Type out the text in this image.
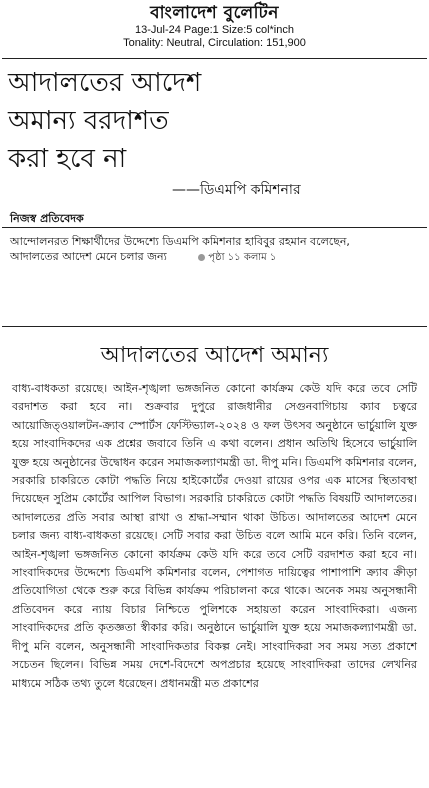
বাংলাদেশ বুলেটিন
13-Jul-24 Page:1 Size:5 col*inch
Tonality: Neutral, Circulation: 151,900
আদালতের আদেশ
অমান্য বরদাশত
করা হবে না
——ডিএমপি কমিশনার
নিজস্ব প্রতিবেদক
আন্দোলনরত শিক্ষার্থীদের উদ্দেশ্যে ডিএমপি কমিশনার হাবিবুর রহমান বলেছেন, আদালতের আদেশ মেনে চলার জন্য	পৃষ্ঠা ১১ কলাম ১
আদালতের আদেশ অমান্য

বাধ্য-বাধকতা রয়েছে। আইন-শৃঙ্খলা ভঙ্গজনিত কোনো কার্যক্রম কেউ যদি করে তবে সেটি বরদাশত করা হবে না। শুক্রবার দুপুরে রাজধানীর সেগুনবাগিচায় ক্যাব চত্বরে আয়োজিত্ওয়ালটন-ক্র্যাব স্পোর্টস ফেস্টিভ্যাল-২০২৪ ও ফল উৎসব অনুষ্ঠানে ভার্চুয়ালি যুক্ত হয়ে সাংবাদিকদের এক প্রশ্নের জবাবে তিনি এ কথা বলেন। প্রধান অতিথি হিসেবে ভার্চুয়ালি যুক্ত হয়ে অনুষ্ঠানের উদ্বোধন করেন সমাজকল্যাণমন্ত্রী ডা. দীপু মনি। ডিএমপি কমিশনার বলেন, সরকারি চাকরিতে কোটা পদ্ধতি নিয়ে হাইকোর্টের দেওয়া রায়ের ওপর এক মাসের স্থিতাবস্থা দিয়েছেন সুপ্রিম কোর্টের আপিল বিভাগ। সরকারি চাকরিতে কোটা পদ্ধতি বিষয়টি আদালতের। আদালতের প্রতি সবার আস্থা রাখা ও শ্রদ্ধা-সম্মান থাকা উচিত। আদালতের আদেশ মেনে চলার জন্য বাধ্য-বাধকতা রয়েছে। সেটি সবার করা উচিত বলে আমি মনে করি। তিনি বলেন, আইন-শৃঙ্খলা ভঙ্গজনিত কোনো কার্যক্রম কেউ যদি করে তবে সেটি বরদাশত করা হবে না। সাংবাদিকদের উদ্দেশ্যে ডিএমপি কমিশনার বলেন, পেশাগত দায়িত্বের পাশাপাশি ক্র্যাব ক্রীড়া প্রতিযোগিতা থেকে শুরু করে বিভিন্ন কার্যক্রম পরিচালনা করে থাকে। অনেক সময় অনুসন্ধানী প্রতিবেদন করে ন্যায় বিচার নিশ্চিতে পুলিশকে সহায়তা করেন সাংবাদিকরা। এজন্য সাংবাদিকদের প্রতি কৃতজ্ঞতা স্বীকার করি। অনুষ্ঠানে ভার্চুয়ালি যুক্ত হয়ে সমাজকল্যাণমন্ত্রী ডা. দীপু মনি বলেন, অনুসন্ধানী সাংবাদিকতার বিকল্প নেই। সাংবাদিকরা সব সময় সত্য প্রকাশে সচেতন ছিলেন। বিভিন্ন সময় দেশে-বিদেশে অপপ্রচার হয়েছে সাংবাদিকরা তাদের লেখনির মাধ্যমে সঠিক তথ্য তুলে ধরেছেন। প্রধানমন্ত্রী মত প্রকাশের
